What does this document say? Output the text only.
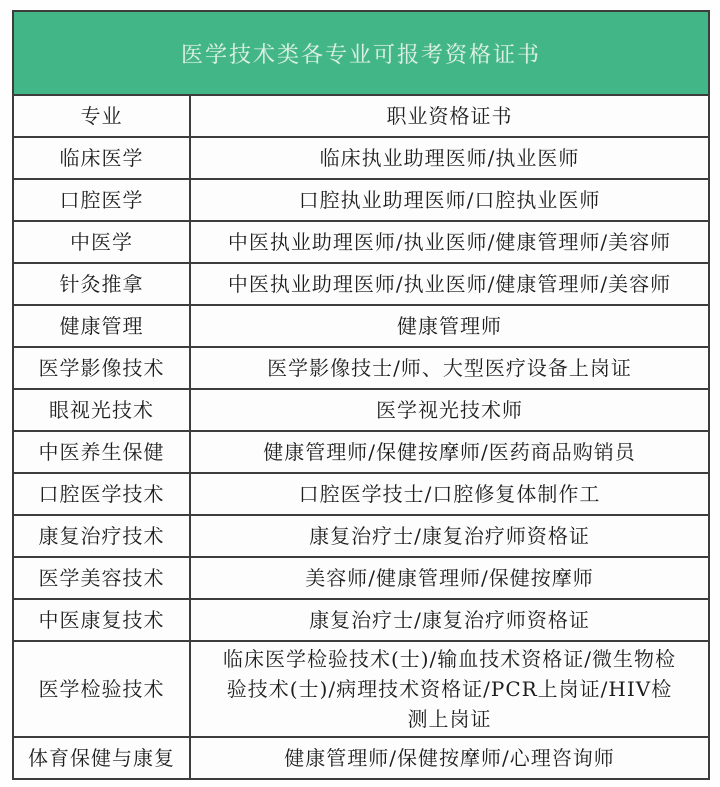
医学技术类各专业可报考资格证书
专业	职业资格证书
临床医学	临床执业助理医师/执业医师
口腔医学	口腔执业助理医师/口腔执业医师
中医学	中医执业助理医师/执业医师/健康管理师/美容师
针灸推拿	中医执业助理医师/执业医师/健康管理师/美容师
健康管理	健康管理师
医学影像技术	医学影像技士/师、大型医疗设备上岗证
眼视光技术	医学视光技术师
中医养生保健	健康管理师/保健按摩师/医药商品购销员
口腔医学技术	口腔医学技士/口腔修复体制作工
康复治疗技术	康复治疗士/康复治疗师资格证
医学美容技术	美容师/健康管理师/保健按摩师
中医康复技术	康复治疗士/康复治疗师资格证
医学检验技术	临床医学检验技术(士)/输血技术资格证/微生物检验技术(士)/病理技术资格证/PCR上岗证/HIV检测上岗证
体育保健与康复	健康管理师/保健按摩师/心理咨询师
